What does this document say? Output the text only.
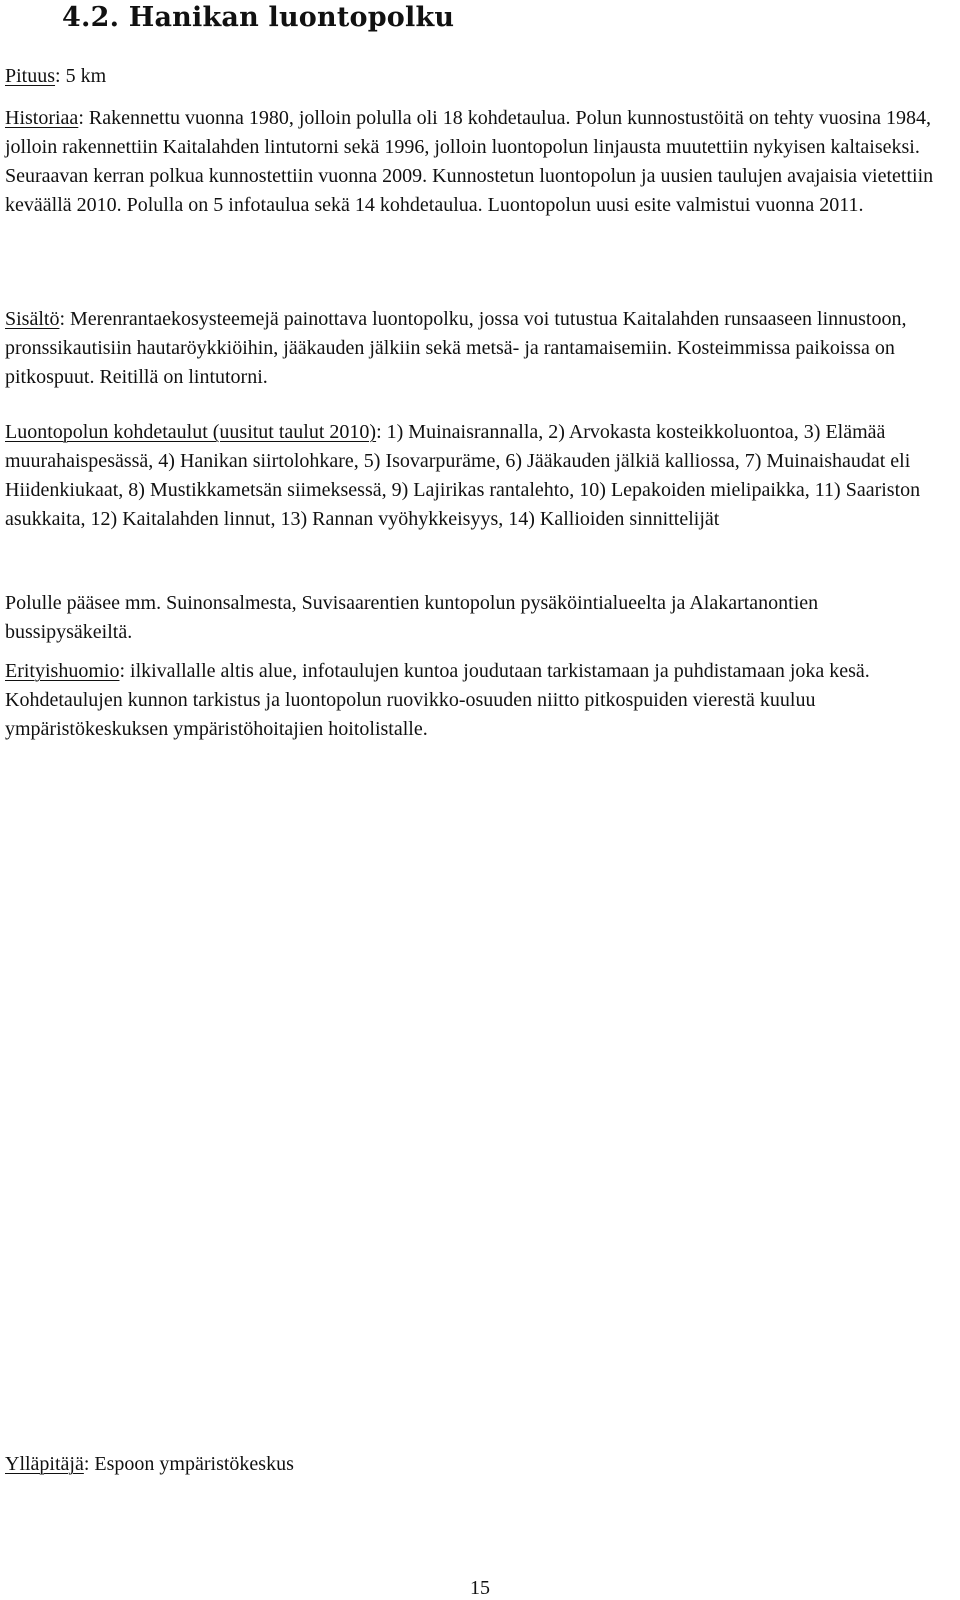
4.2. Hanikan luontopolku

Pituus: 5 km

Historiaa: Rakennettu vuonna 1980, jolloin polulla oli 18 kohdetaulua. Polun kunnostustöitä on tehty vuosina 1984, jolloin rakennettiin Kaitalahden lintutorni sekä 1996, jolloin luontopolun linjausta muutettiin nykyisen kaltaiseksi.
Seuraavan kerran polkua kunnostettiin vuonna 2009. Kunnostetun luontopolun ja uusien taulujen avajaisia vietettiin keväällä 2010. Polulla on 5 infotaulua sekä 14 kohdetaulua. Luontopolun uusi esite valmistui vuonna 2011.

Sisältö: Merenrantaekosysteemejä painottava luontopolku, jossa voi tutustua Kaitalahden runsaaseen linnustoon, pronssikautisiin hautaröykkiöihin, jääkauden jälkiin sekä metsä- ja rantamaisemiin. Kosteimmissa paikoissa on pitkospuut. Reitillä on lintutorni.

Luontopolun kohdetaulut (uusitut taulut 2010): 1) Muinaisrannalla, 2) Arvokasta kosteikkoluontoa, 3) Elämää muurahaispesässä, 4) Hanikan siirtolohkare, 5) Isovarpuräme, 6) Jääkauden jälkiä kalliossa, 7) Muinaishaudat eli Hiidenkiukaat, 8) Mustikkametsän siimeksessä, 9) Lajirikas rantalehto, 10) Lepakoiden mielipaikka, 11) Saariston asukkaita, 12) Kaitalahden linnut, 13) Rannan vyöhykkeisyys, 14) Kallioiden sinnittelijät

Polulle pääsee mm. Suinonsalmesta, Suvisaarentien kuntopolun pysäköintialueelta ja Alakartanontien bussipysäkeiltä.

Erityishuomio: ilkivallalle altis alue, infotaulujen kuntoa joudutaan tarkistamaan ja puhdistamaan joka kesä. Kohdetaulujen kunnon tarkistus ja luontopolun ruovikko-osuuden niitto pitkospuiden vierestä kuuluu ympäristökeskuksen ympäristöhoitajien hoitolistalle.

Ylläpitäjä: Espoon ympäristökeskus

15
